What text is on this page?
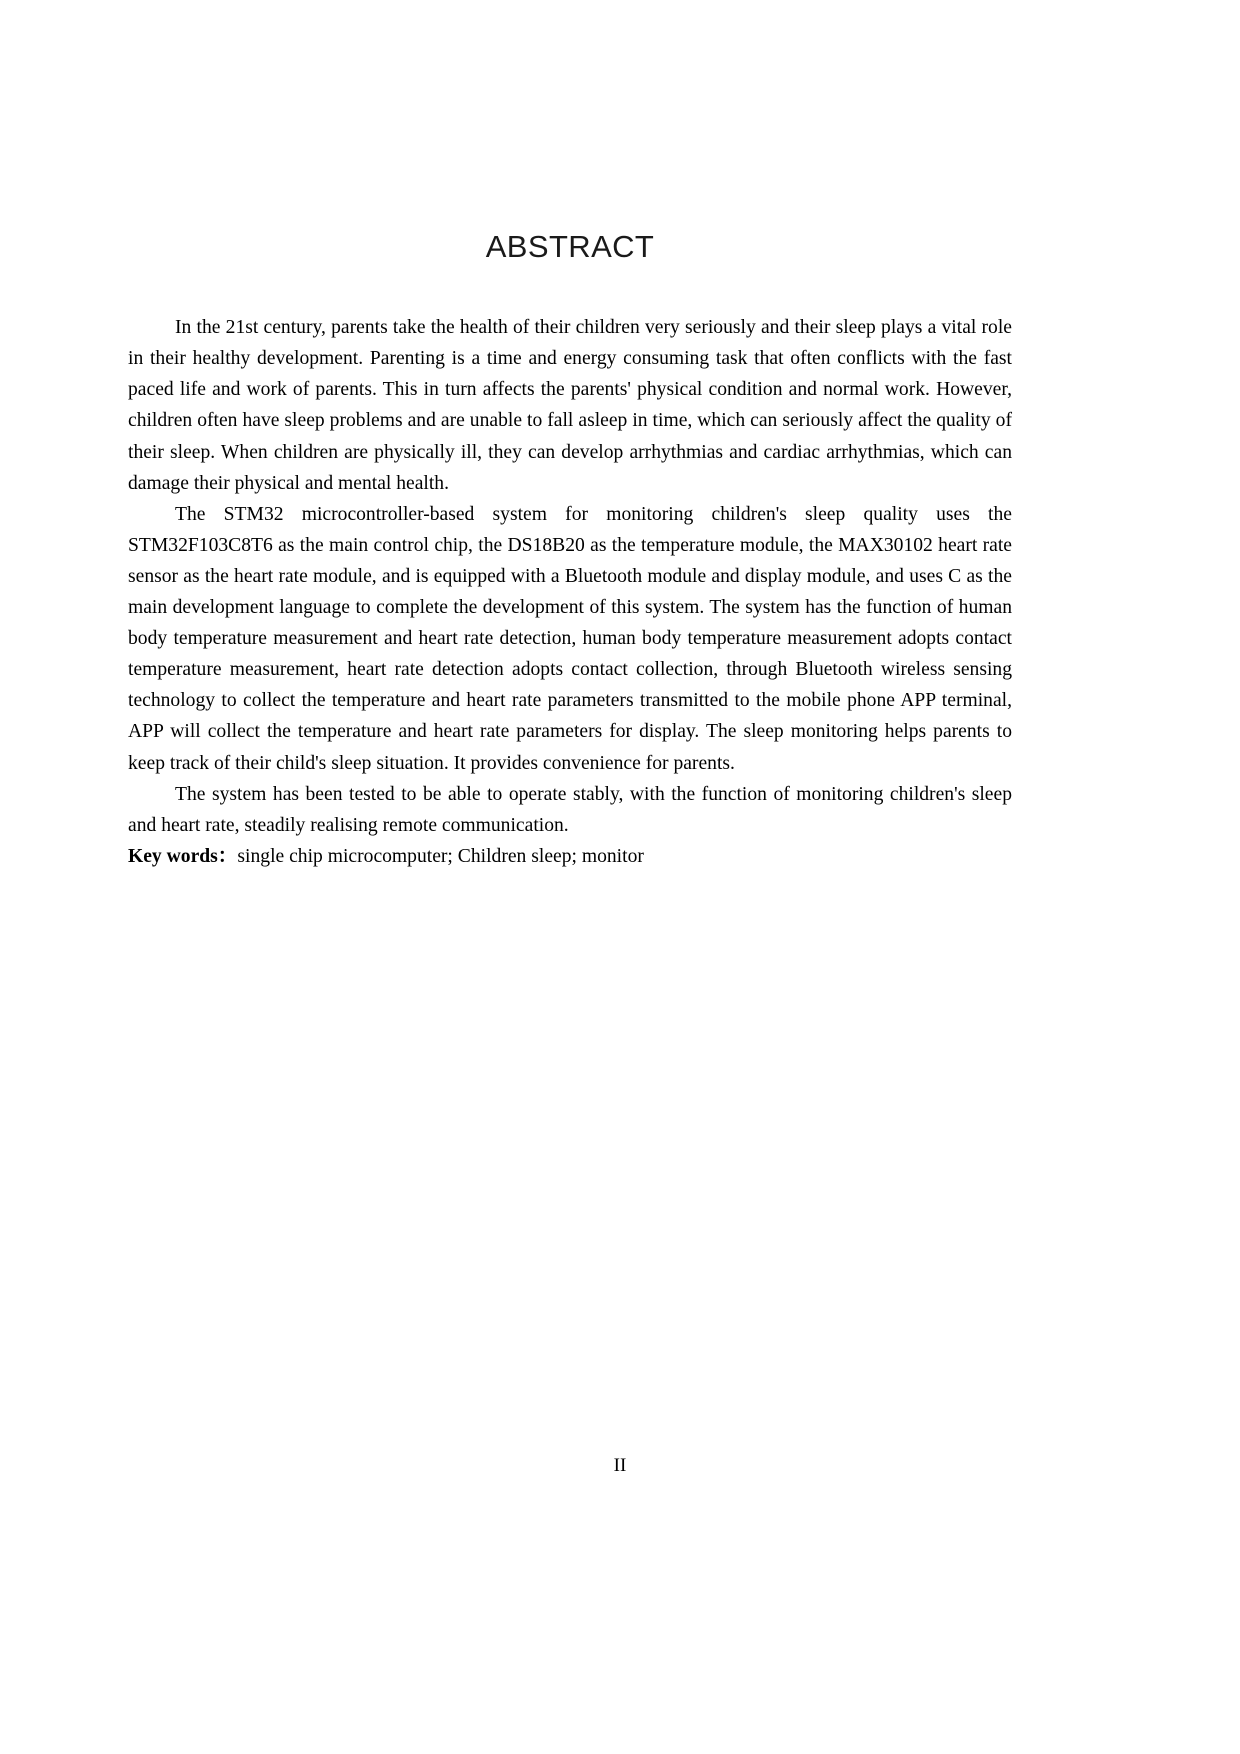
ABSTRACT

In the 21st century, parents take the health of their children very seriously and their sleep plays a vital role in their healthy development. Parenting is a time and energy consuming task that often conflicts with the fast paced life and work of parents. This in turn affects the parents' physical condition and normal work. However, children often have sleep problems and are unable to fall asleep in time, which can seriously affect the quality of their sleep. When children are physically ill, they can develop arrhythmias and cardiac arrhythmias, which can damage their physical and mental health.

The STM32 microcontroller-based system for monitoring children's sleep quality uses the STM32F103C8T6 as the main control chip, the DS18B20 as the temperature module, the MAX30102 heart rate sensor as the heart rate module, and is equipped with a Bluetooth module and display module, and uses C as the main development language to complete the development of this system. The system has the function of human body temperature measurement and heart rate detection, human body temperature measurement adopts contact temperature measurement, heart rate detection adopts contact collection, through Bluetooth wireless sensing technology to collect the temperature and heart rate parameters transmitted to the mobile phone APP terminal, APP will collect the temperature and heart rate parameters for display. The sleep monitoring helps parents to keep track of their child's sleep situation. It provides convenience for parents.

The system has been tested to be able to operate stably, with the function of monitoring children's sleep and heart rate, steadily realising remote communication.

Key words：single chip microcomputer; Children sleep; monitor

II
